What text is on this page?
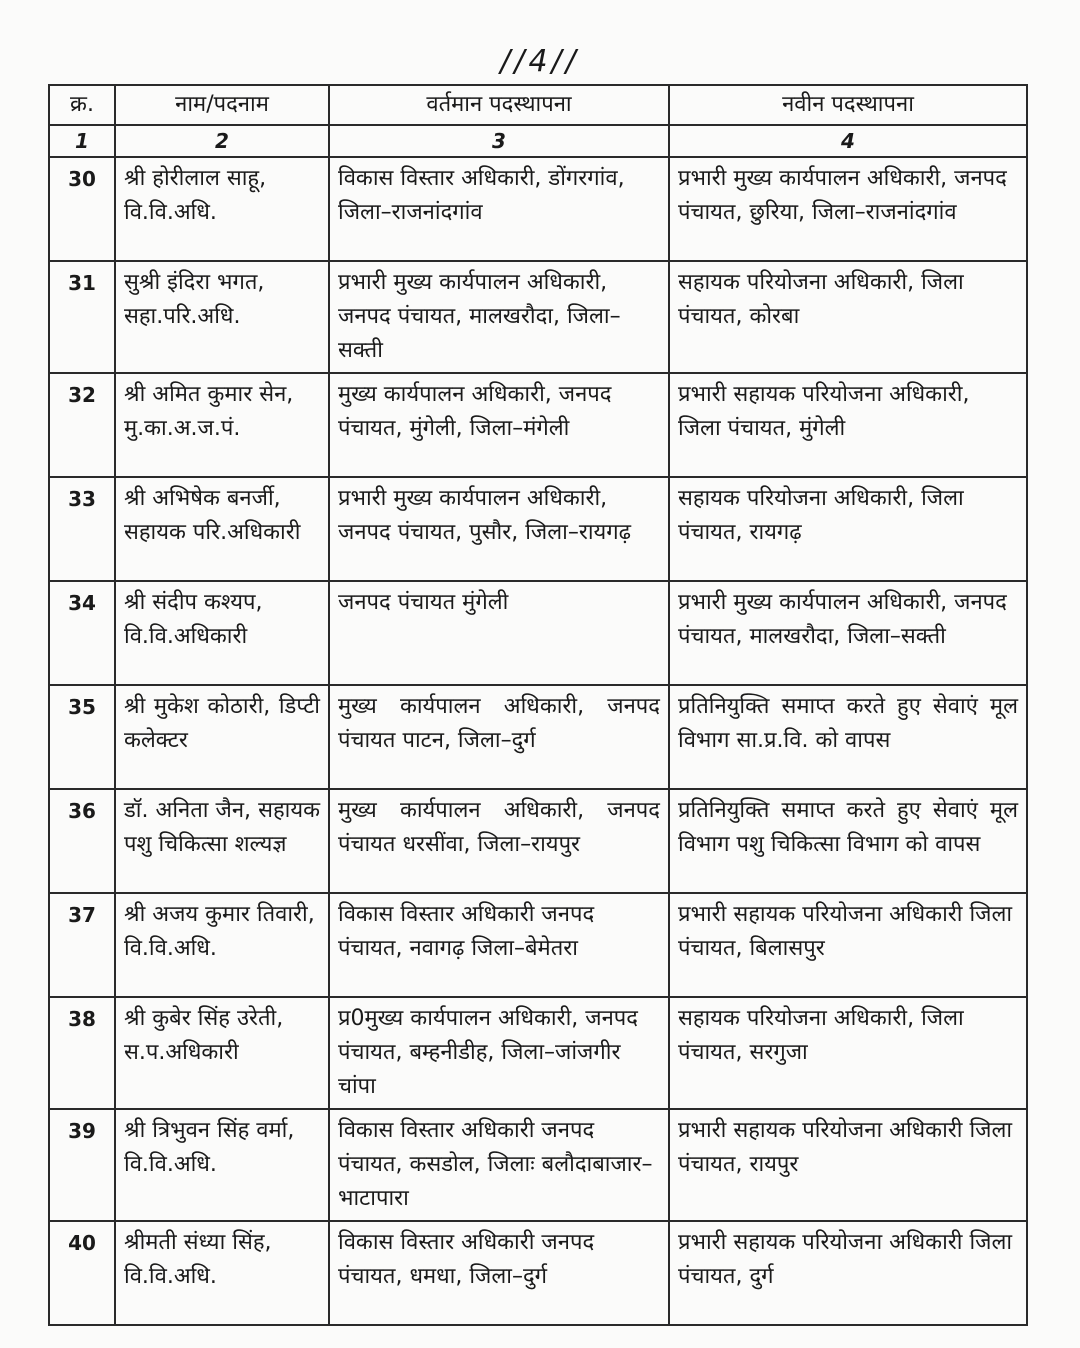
//4//
क्र.	नाम/पदनाम	वर्तमान पदस्थापना	नवीन पदस्थापना
1	2	3	4
30	श्री होरीलाल साहू, वि.वि.अधि.	विकास विस्तार अधिकारी, डोंगरगांव, जिला–राजनांदगांव	प्रभारी मुख्य कार्यपालन अधिकारी, जनपद पंचायत, छुरिया, जिला–राजनांदगांव
31	सुश्री इंदिरा भगत, सहा.परि.अधि.	प्रभारी मुख्य कार्यपालन अधिकारी, जनपद पंचायत, मालखरौदा, जिला–सक्ती	सहायक परियोजना अधिकारी, जिला पंचायत, कोरबा
32	श्री अमित कुमार सेन, मु.का.अ.ज.पं.	मुख्य कार्यपालन अधिकारी, जनपद पंचायत, मुंगेली, जिला–मंगेली	प्रभारी सहायक परियोजना अधिकारी, जिला पंचायत, मुंगेली
33	श्री अभिषेक बनर्जी, सहायक परि.अधिकारी	प्रभारी मुख्य कार्यपालन अधिकारी, जनपद पंचायत, पुसौर, जिला–रायगढ़	सहायक परियोजना अधिकारी, जिला पंचायत, रायगढ़
34	श्री संदीप कश्यप, वि.वि.अधिकारी	जनपद पंचायत मुंगेली	प्रभारी मुख्य कार्यपालन अधिकारी, जनपद पंचायत, मालखरौदा, जिला–सक्ती
35	श्री मुकेश कोठारी, डिप्टी कलेक्टर	मुख्य कार्यपालन अधिकारी, जनपद पंचायत पाटन, जिला–दुर्ग	प्रतिनियुक्ति समाप्त करते हुए सेवाएं मूल विभाग सा.प्र.वि. को वापस
36	डॉ. अनिता जैन, सहायक पशु चिकित्सा शल्यज्ञ	मुख्य कार्यपालन अधिकारी, जनपद पंचायत धरसींवा, जिला–रायपुर	प्रतिनियुक्ति समाप्त करते हुए सेवाएं मूल विभाग पशु चिकित्सा विभाग को वापस
37	श्री अजय कुमार तिवारी, वि.वि.अधि.	विकास विस्तार अधिकारी जनपद पंचायत, नवागढ़ जिला–बेमेतरा	प्रभारी सहायक परियोजना अधिकारी जिला पंचायत, बिलासपुर
38	श्री कुबेर सिंह उरेती, स.प.अधिकारी	प्र0मुख्य कार्यपालन अधिकारी, जनपद पंचायत, बम्हनीडीह, जिला–जांजगीर चांपा	सहायक परियोजना अधिकारी, जिला पंचायत, सरगुजा
39	श्री त्रिभुवन सिंह वर्मा, वि.वि.अधि.	विकास विस्तार अधिकारी जनपद पंचायत, कसडोल, जिलाः बलौदाबाजार–भाटापारा	प्रभारी सहायक परियोजना अधिकारी जिला पंचायत, रायपुर
40	श्रीमती संध्या सिंह, वि.वि.अधि.	विकास विस्तार अधिकारी जनपद पंचायत, धमधा, जिला–दुर्ग	प्रभारी सहायक परियोजना अधिकारी जिला पंचायत, दुर्ग
